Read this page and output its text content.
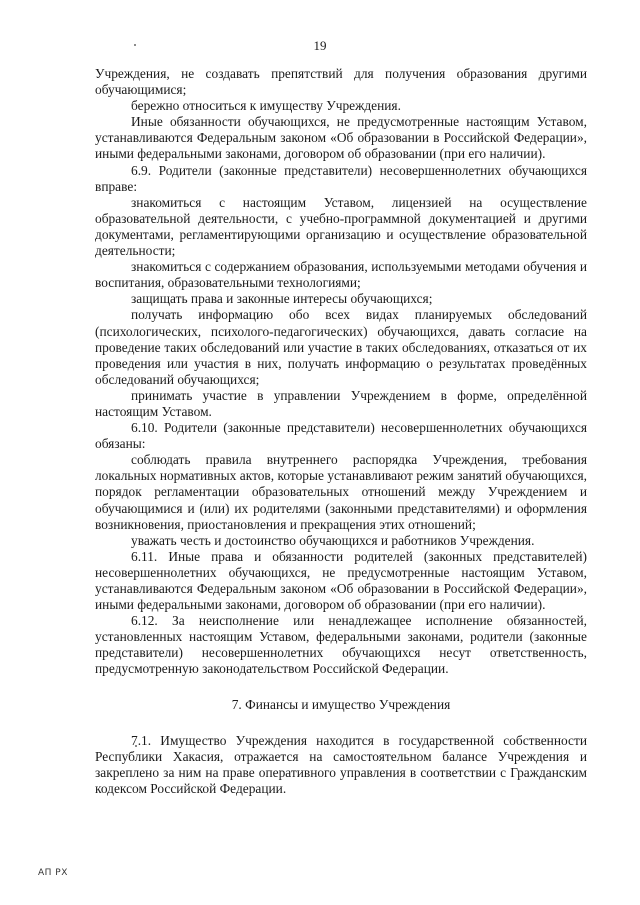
19

Учреждения, не создавать препятствий для получения образования другими обучающимися;

бережно относиться к имуществу Учреждения.

Иные обязанности обучающихся, не предусмотренные настоящим Уставом, устанавливаются Федеральным законом «Об образовании в Российской Федерации», иными федеральными законами, договором об образовании (при его наличии).

6.9. Родители (законные представители) несовершеннолетних обучающихся вправе:

знакомиться с настоящим Уставом, лицензией на осуществление образовательной деятельности, с учебно-программной документацией и другими документами, регламентирующими организацию и осуществление образовательной деятельности;

знакомиться с содержанием образования, используемыми методами обучения и воспитания, образовательными технологиями;

защищать права и законные интересы обучающихся;

получать информацию обо всех видах планируемых обследований (психологических, психолого-педагогических) обучающихся, давать согласие на проведение таких обследований или участие в таких обследованиях, отказаться от их проведения или участия в них, получать информацию о результатах проведённых обследований обучающихся;

принимать участие в управлении Учреждением в форме, определённой настоящим Уставом.

6.10. Родители (законные представители) несовершеннолетних обучающихся обязаны:

соблюдать правила внутреннего распорядка Учреждения, требования локальных нормативных актов, которые устанавливают режим занятий обучающихся, порядок регламентации образовательных отношений между Учреждением и обучающимися и (или) их родителями (законными представителями) и оформления возникновения, приостановления и прекращения этих отношений;

уважать честь и достоинство обучающихся и работников Учреждения.

6.11. Иные права и обязанности родителей (законных представителей) несовершеннолетних обучающихся, не предусмотренные настоящим Уставом, устанавливаются Федеральным законом «Об образовании в Российской Федерации», иными федеральными законами, договором об образовании (при его наличии).

6.12. За неисполнение или ненадлежащее исполнение обязанностей, установленных настоящим Уставом, федеральными законами, родители (законные представители) несовершеннолетних обучающихся несут ответственность, предусмотренную законодательством Российской Федерации.

7. Финансы и имущество Учреждения

7.1. Имущество Учреждения находится в государственной собственности Республики Хакасия, отражается на самостоятельном балансе Учреждения и закреплено за ним на праве оперативного управления в соответствии с Гражданским кодексом Российской Федерации.

АП РХ
